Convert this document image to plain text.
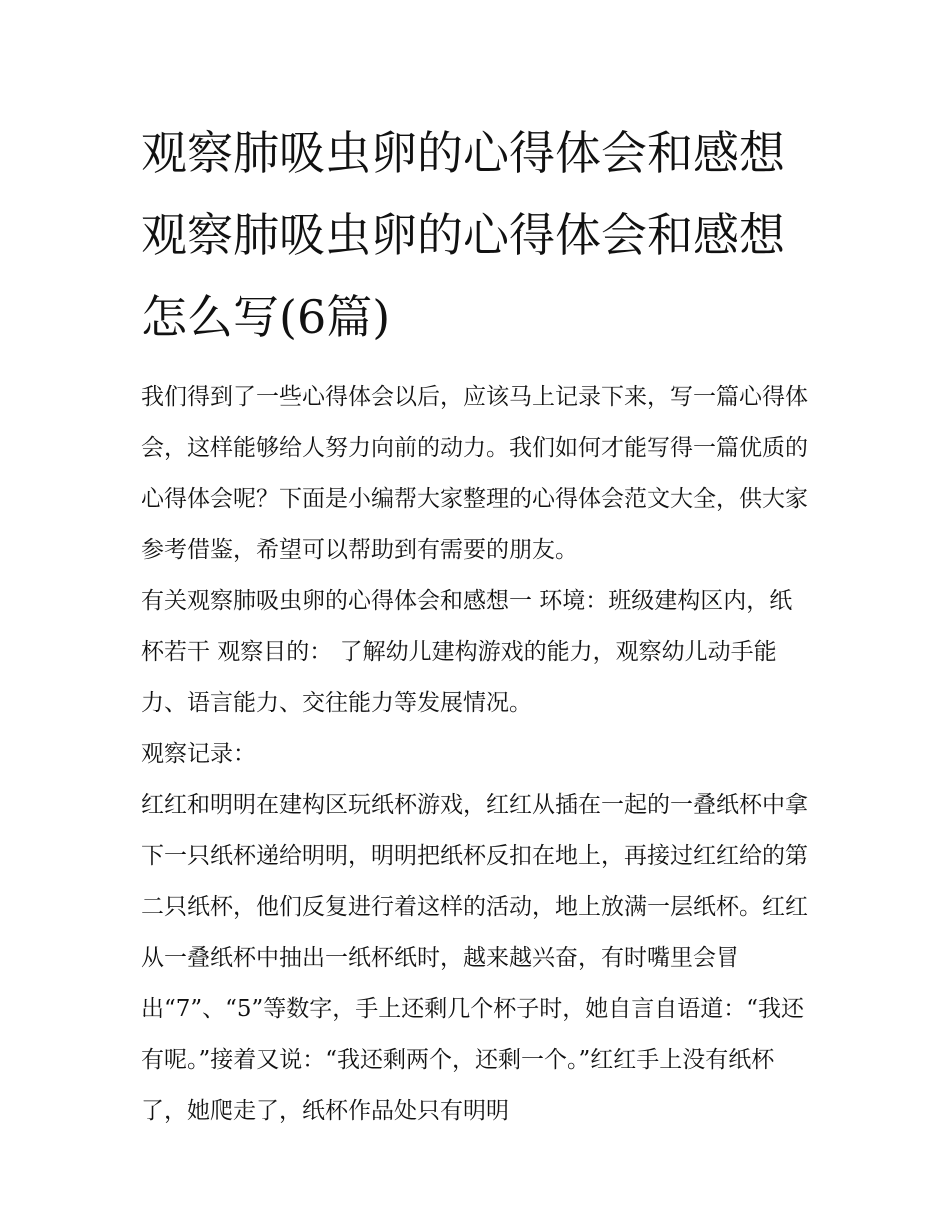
观察肺吸虫卵的心得体会和感想 观察肺吸虫卵的心得体会和感想怎么写(6篇)

我们得到了一些心得体会以后，应该马上记录下来，写一篇心得体会，这样能够给人努力向前的动力。我们如何才能写得一篇优质的心得体会呢？下面是小编帮大家整理的心得体会范文大全，供大家参考借鉴，希望可以帮助到有需要的朋友。

有关观察肺吸虫卵的心得体会和感想一 环境：班级建构区内，纸杯若干 观察目的： 了解幼儿建构游戏的能力，观察幼儿动手能力、语言能力、交往能力等发展情况。

观察记录：

红红和明明在建构区玩纸杯游戏，红红从插在一起的一叠纸杯中拿下一只纸杯递给明明，明明把纸杯反扣在地上，再接过红红给的第二只纸杯，他们反复进行着这样的活动，地上放满一层纸杯。红红从一叠纸杯中抽出一纸杯纸时，越来越兴奋，有时嘴里会冒出“7”、“5”等数字，手上还剩几个杯子时，她自言自语道：“我还有呢。”接着又说：“我还剩两个，还剩一个。”红红手上没有纸杯了，她爬走了，纸杯作品处只有明明
